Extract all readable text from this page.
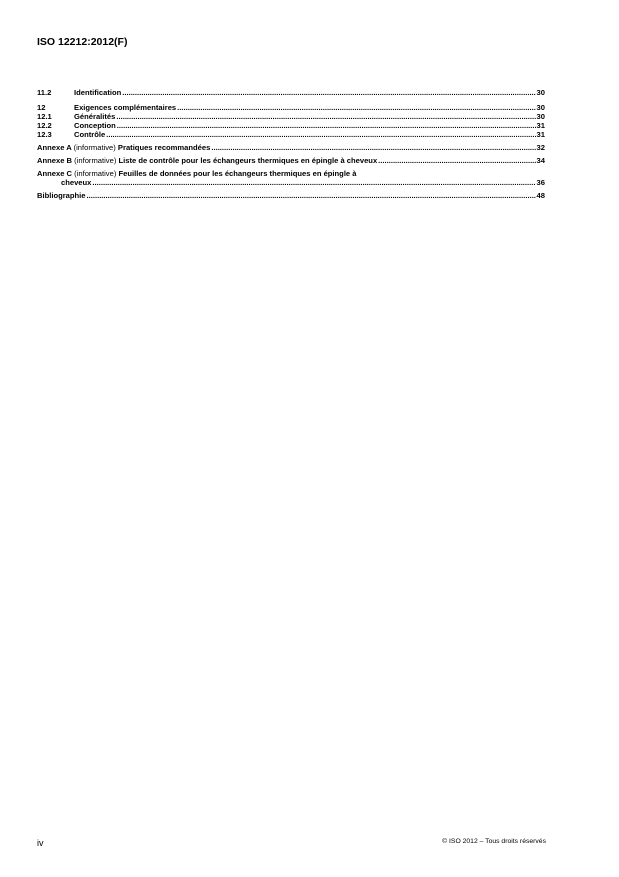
ISO 12212:2012(F)
11.2	Identification .....	30
12	Exigences complémentaires .....	30
12.1	Généralités .....	30
12.2	Conception .....	31
12.3	Contrôle .....	31
Annexe A (informative) Pratiques recommandées .....	32
Annexe B (informative) Liste de contrôle pour les échangeurs thermiques en épingle à cheveux .....	34
Annexe C (informative) Feuilles de données pour les échangeurs thermiques en épingle à
cheveux .....	36
Bibliographie .....	48
iv	© ISO 2012 – Tous droits réservés
